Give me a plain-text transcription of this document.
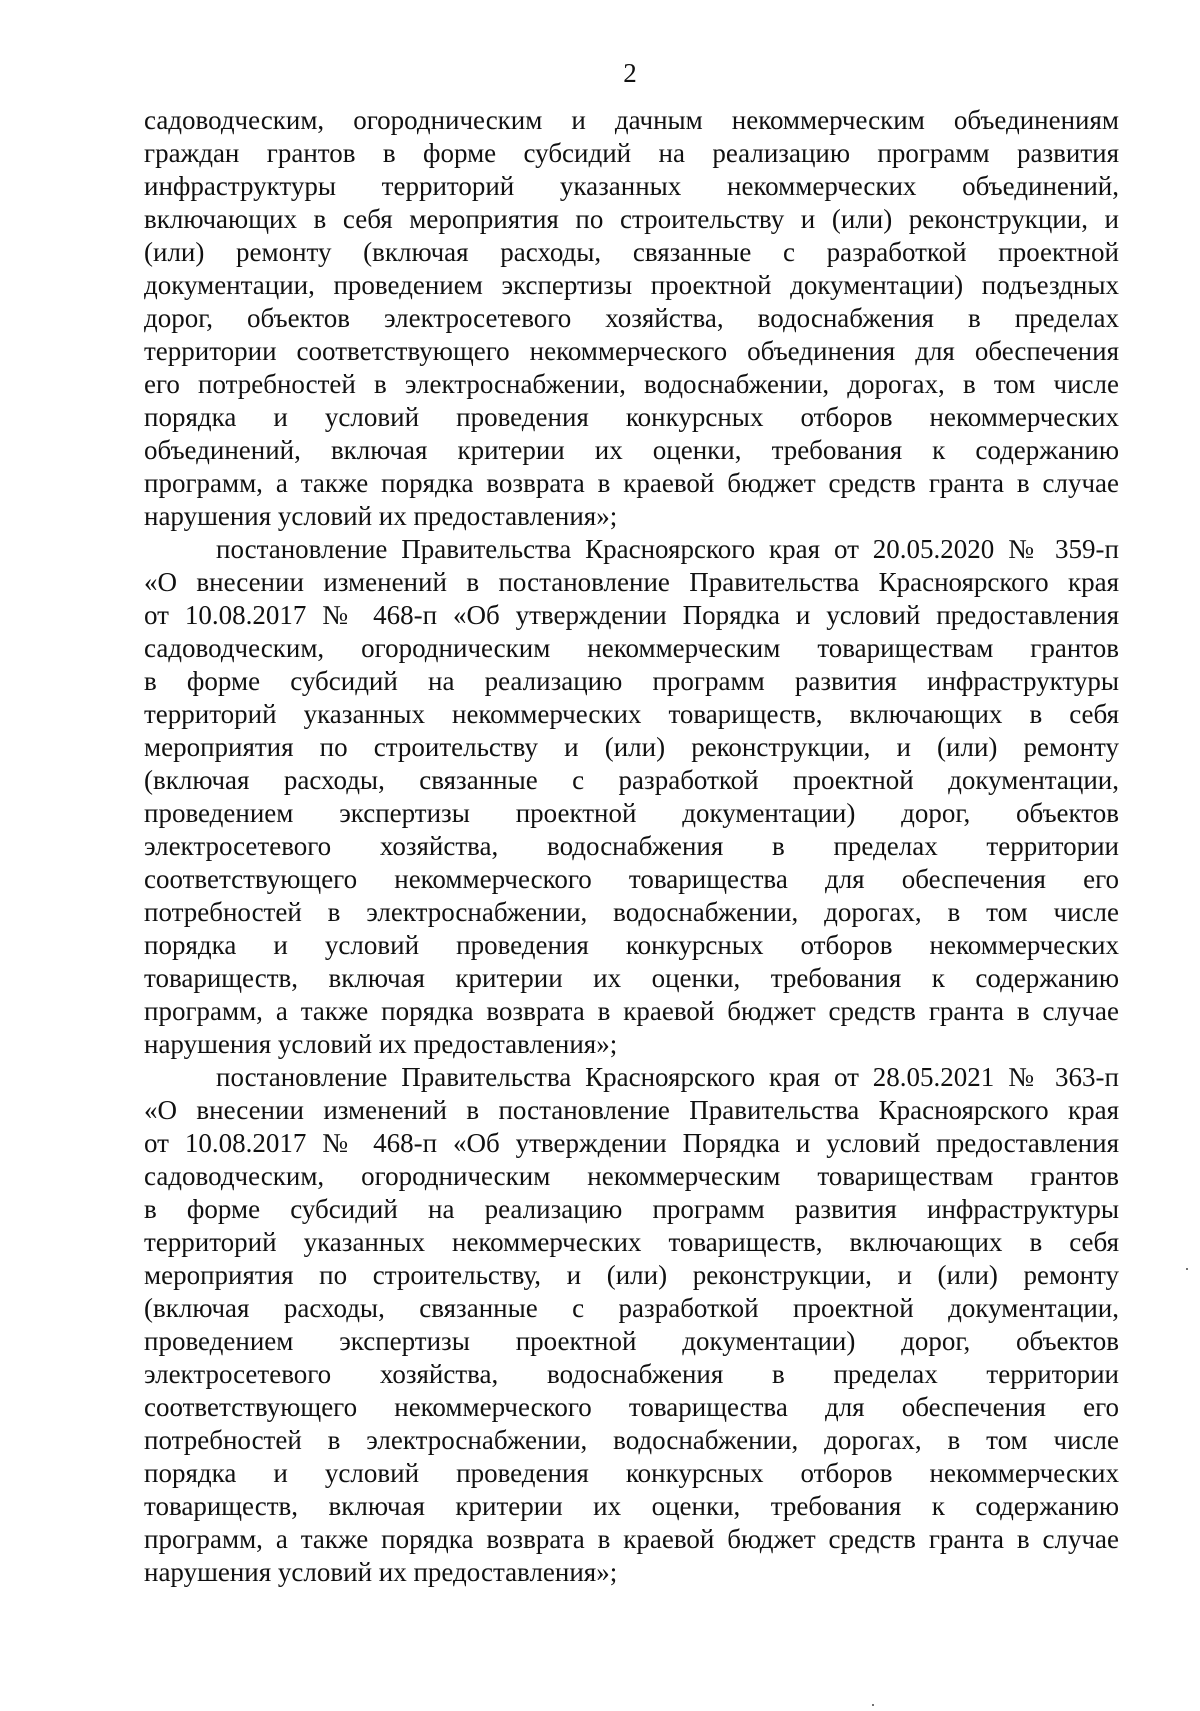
2
садоводческим, огородническим и дачным некоммерческим объединениям
граждан грантов в форме субсидий на реализацию программ развития
инфраструктуры территорий указанных некоммерческих объединений,
включающих в себя мероприятия по строительству и (или) реконструкции, и
(или) ремонту (включая расходы, связанные с разработкой проектной
документации, проведением экспертизы проектной документации) подъездных
дорог, объектов электросетевого хозяйства, водоснабжения в пределах
территории соответствующего некоммерческого объединения для обеспечения
его потребностей в электроснабжении, водоснабжении, дорогах, в том числе
порядка и условий проведения конкурсных отборов некоммерческих
объединений, включая критерии их оценки, требования к содержанию
программ, а также порядка возврата в краевой бюджет средств гранта в случае
нарушения условий их предоставления»;
постановление Правительства Красноярского края от 20.05.2020 № 359-п
«О внесении изменений в постановление Правительства Красноярского края
от 10.08.2017 № 468-п «Об утверждении Порядка и условий предоставления
садоводческим, огородническим некоммерческим товариществам грантов
в форме субсидий на реализацию программ развития инфраструктуры
территорий указанных некоммерческих товариществ, включающих в себя
мероприятия по строительству и (или) реконструкции, и (или) ремонту
(включая расходы, связанные с разработкой проектной документации,
проведением экспертизы проектной документации) дорог, объектов
электросетевого хозяйства, водоснабжения в пределах территории
соответствующего некоммерческого товарищества для обеспечения его
потребностей в электроснабжении, водоснабжении, дорогах, в том числе
порядка и условий проведения конкурсных отборов некоммерческих
товариществ, включая критерии их оценки, требования к содержанию
программ, а также порядка возврата в краевой бюджет средств гранта в случае
нарушения условий их предоставления»;
постановление Правительства Красноярского края от 28.05.2021 № 363-п
«О внесении изменений в постановление Правительства Красноярского края
от 10.08.2017 № 468-п «Об утверждении Порядка и условий предоставления
садоводческим, огородническим некоммерческим товариществам грантов
в форме субсидий на реализацию программ развития инфраструктуры
территорий указанных некоммерческих товариществ, включающих в себя
мероприятия по строительству, и (или) реконструкции, и (или) ремонту
(включая расходы, связанные с разработкой проектной документации,
проведением экспертизы проектной документации) дорог, объектов
электросетевого хозяйства, водоснабжения в пределах территории
соответствующего некоммерческого товарищества для обеспечения его
потребностей в электроснабжении, водоснабжении, дорогах, в том числе
порядка и условий проведения конкурсных отборов некоммерческих
товариществ, включая критерии их оценки, требования к содержанию
программ, а также порядка возврата в краевой бюджет средств гранта в случае
нарушения условий их предоставления»;
